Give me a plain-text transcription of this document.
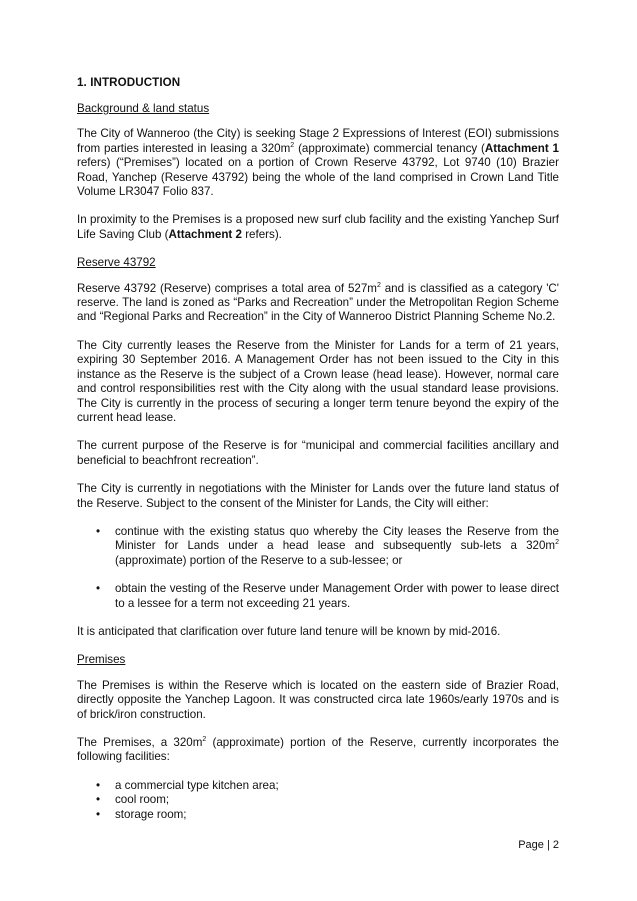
1. INTRODUCTION
Background & land status

The City of Wanneroo (the City) is seeking Stage 2 Expressions of Interest (EOI) submissions from parties interested in leasing a $320m^2$ (approximate) commercial tenancy (Attachment 1 refers) (“Premises”) located on a portion of Crown Reserve 43792, Lot 9740 (10) Brazier Road, Yanchep (Reserve 43792) being the whole of the land comprised in Crown Land Title Volume LR3047 Folio 837.

In proximity to the Premises is a proposed new surf club facility and the existing Yanchep Surf Life Saving Club (Attachment 2 refers).

Reserve 43792

Reserve 43792 (Reserve) comprises a total area of $527m^2$ and is classified as a category 'C' reserve. The land is zoned as “Parks and Recreation” under the Metropolitan Region Scheme and “Regional Parks and Recreation” in the City of Wanneroo District Planning Scheme No.2.

The City currently leases the Reserve from the Minister for Lands for a term of 21 years, expiring 30 September 2016. A Management Order has not been issued to the City in this instance as the Reserve is the subject of a Crown lease (head lease). However, normal care and control responsibilities rest with the City along with the usual standard lease provisions. The City is currently in the process of securing a longer term tenure beyond the expiry of the current head lease.

The current purpose of the Reserve is for “municipal and commercial facilities ancillary and beneficial to beachfront recreation”.

The City is currently in negotiations with the Minister for Lands over the future land status of the Reserve. Subject to the consent of the Minister for Lands, the City will either:

• continue with the existing status quo whereby the City leases the Reserve from the Minister for Lands under a head lease and subsequently sub-lets a $320m^2$ (approximate) portion of the Reserve to a sub-lessee; or
• obtain the vesting of the Reserve under Management Order with power to lease direct to a lessee for a term not exceeding 21 years.

It is anticipated that clarification over future land tenure will be known by mid-2016.

Premises

The Premises is within the Reserve which is located on the eastern side of Brazier Road, directly opposite the Yanchep Lagoon. It was constructed circa late 1960s/early 1970s and is of brick/iron construction.

The Premises, a $320m^2$ (approximate) portion of the Reserve, currently incorporates the following facilities:

• a commercial type kitchen area;
• cool room;
• storage room;
Page | 2
